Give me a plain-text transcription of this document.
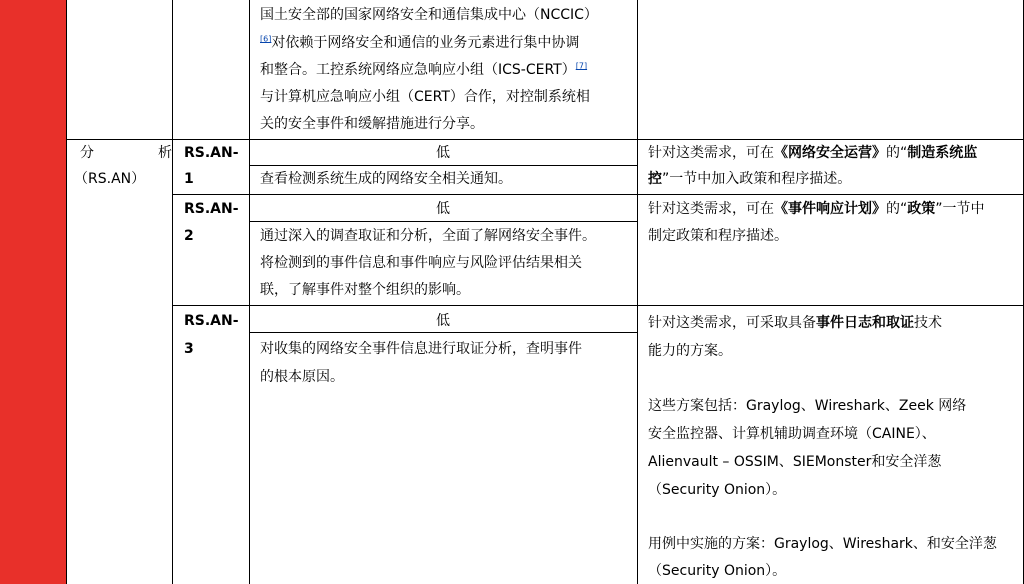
国土安全部的国家网络安全和通信集成中心（NCCIC）
[6]对依赖于网络安全和通信的业务元素进行集中协调
和整合。工控系统网络应急响应小组（ICS-CERT）[7]
与计算机应急响应小组（CERT）合作，对控制系统相
关的安全事件和缓解措施进行分享。
分	析
（RS.AN）
RS.AN-
1
低
查看检测系统生成的网络安全相关通知。
针对这类需求，可在《网络安全运营》的“制造系统监
控”一节中加入政策和程序描述。
RS.AN-
2
低
通过深入的调查取证和分析，全面了解网络安全事件。
将检测到的事件信息和事件响应与风险评估结果相关
联，了解事件对整个组织的影响。
针对这类需求，可在《事件响应计划》的“政策”一节中
制定政策和程序描述。
RS.AN-
3
低
对收集的网络安全事件信息进行取证分析，查明事件
的根本原因。
针对这类需求，可采取具备事件日志和取证技术
能力的方案。
这些方案包括：Graylog、Wireshark、Zeek 网络
安全监控器、计算机辅助调查环境（CAINE）、
Alienvault – OSSIM、SIEMonster和安全洋葱
（Security Onion）。
用例中实施的方案：Graylog、Wireshark、和安全洋葱
（Security Onion）。
